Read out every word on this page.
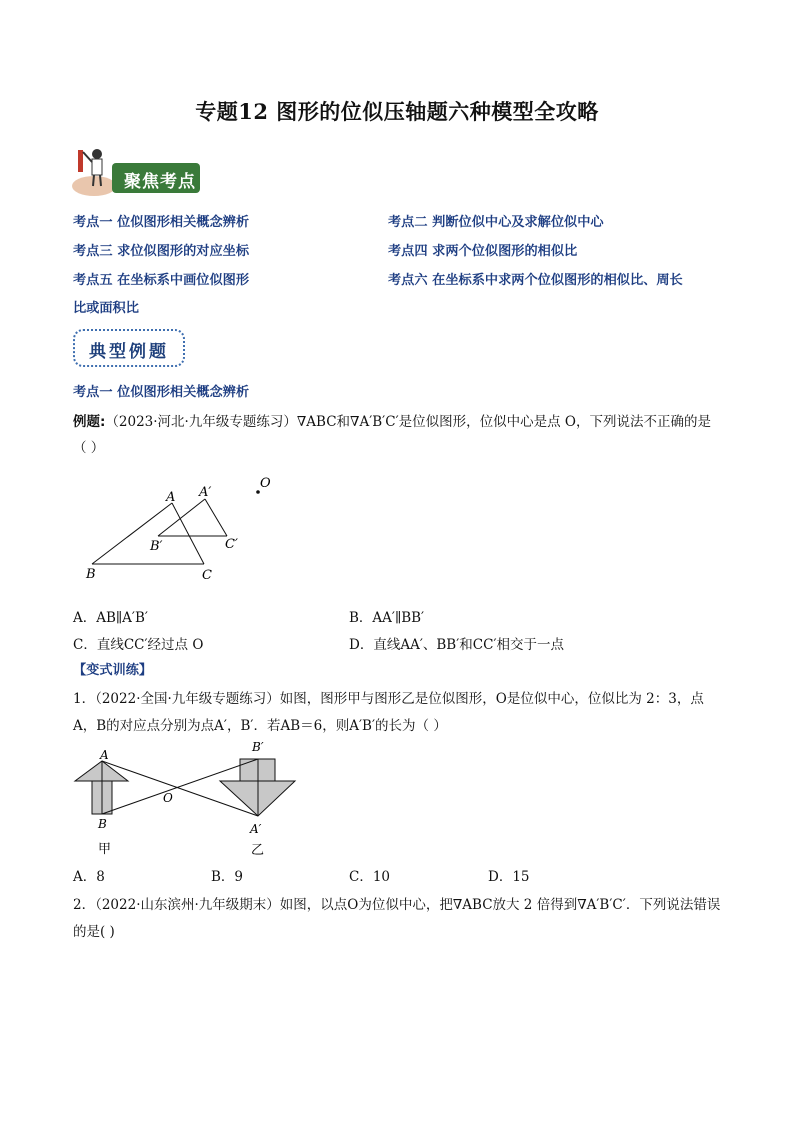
专题12 图形的位似压轴题六种模型全攻略
聚焦考点
考点一 位似图形相关概念辨析	考点二 判断位似中心及求解位似中心
考点三 求位似图形的对应坐标	考点四 求两个位似图形的相似比
考点五 在坐标系中画位似图形	考点六 在坐标系中求两个位似图形的相似比、周长
比或面积比
典型例题
考点一 位似图形相关概念辨析
例题:（2023·河北·九年级专题练习）∇ABC和∇A′B′C′是位似图形，位似中心是点 O，下列说法不正确的是
（ ）
A A′
O
B′	C′
B	C
A．AB∥A′B′	B．AA′∥BB′
C．直线CC′经过点 O	D．直线AA′、BB′和CC′相交于一点
【变式训练】
1．（2022·全国·九年级专题练习）如图，图形甲与图形乙是位似图形，O是位似中心，位似比为 2：3，点
A，B的对应点分别为点A′，B′．若AB＝6，则A′B′的长为（ ）
A
B
O
B′
A′
甲	乙
A．8	B．9	C．10	D．15
2．（2022·山东滨州·九年级期末）如图，以点O为位似中心，把∇ABC放大 2 倍得到∇A′B′C′．下列说法错误
的是( )
